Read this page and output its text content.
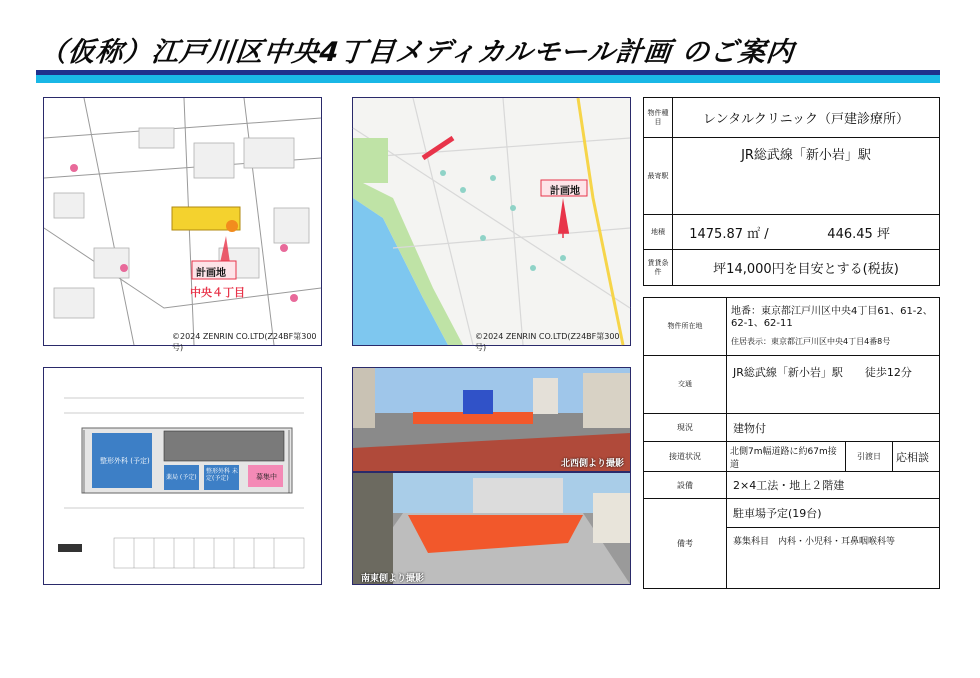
（仮称）江戸川区中央4丁目メディカルモール計画 のご案内
計画地
中央４丁目
©2024 ZENRIN CO.LTD(Z24BF第300号)
計画地
©2024 ZENRIN CO.LTD(Z24BF第300号)
整形外科 (予定)
薬局 (予定)
整形外科 未定(予定)	募集中
北西側より撮影
南東側より撮影
物件種目	レンタルクリニック（戸建診療所）
最寄駅	JR総武線「新小岩」駅
地積	1475.87 ㎡ / 446.45 坪
賃貸条件	坪14,000円を目安とする(税抜)
物件所在地	地番：東京都江戸川区中央4丁目61、61-2、62-1、62-11
住居表示：東京都江戸川区中央4丁目4番8号		

交通	JR総武線「新小岩」駅　　徒歩12分		
現況	建物付		
接道状況	北側7m幅道路に約67m接道	引渡日	応相談
設備	2×4工法・地上２階建		
備考	駐車場予定(19台)
募集科目　内科・小児科・耳鼻咽喉科等		
